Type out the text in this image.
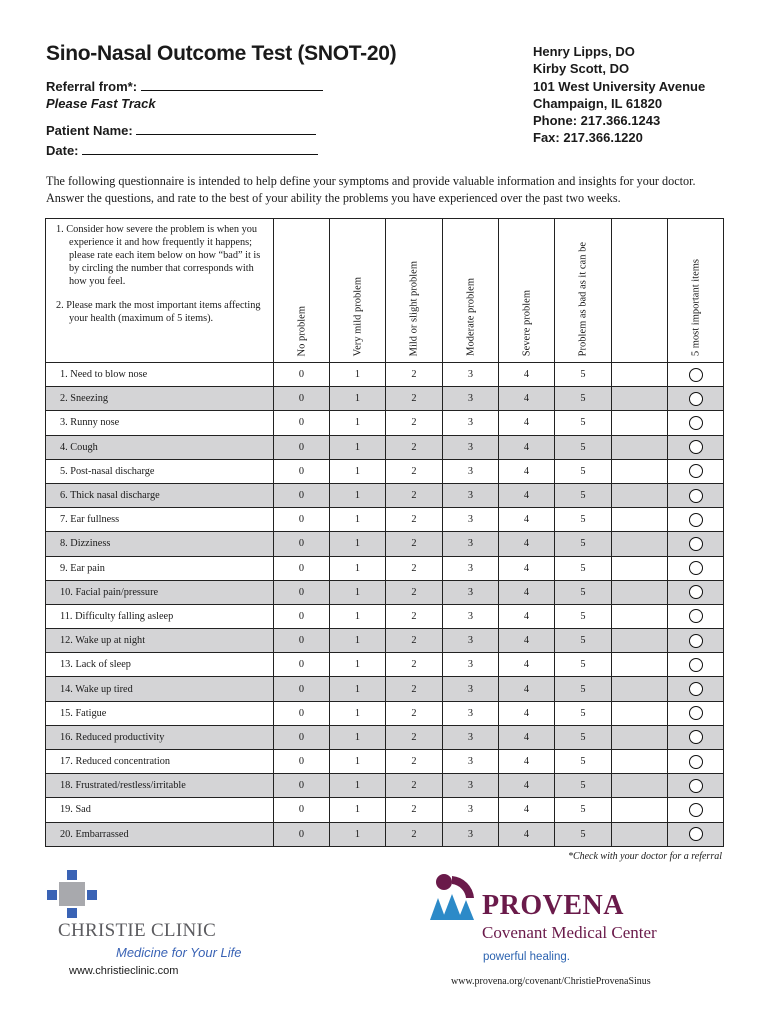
Sino-Nasal Outcome Test (SNOT-20)
Referral from*:
Please Fast Track
Patient Name:
Date:
Henry Lipps, DO
Kirby Scott, DO
101 West University Avenue
Champaign, IL 61820
Phone: 217.366.1243
Fax: 217.366.1220
The following questionnaire is intended to help define your symptoms and provide valuable information and insights for your doctor. Answer the questions, and rate to the best of your ability the problems you have experienced over the past two weeks.

1. Consider how severe the problem is when you experience it and how frequently it happens; please rate each item below on how “bad” it is by circling the number that corresponds with how you feel.

2. Please mark the most important items affecting your health (maximum of 5 items).	No problem	Very mild problem	Mild or slight problem	Moderate problem	Severe problem	Problem as bad as it can be		5 most important items

1. Need to blow nose	0	1	2	3	4	5		
2. Sneezing	0	1	2	3	4	5		
3. Runny nose	0	1	2	3	4	5		
4. Cough	0	1	2	3	4	5		
5. Post-nasal discharge	0	1	2	3	4	5		
6. Thick nasal discharge	0	1	2	3	4	5		
7. Ear fullness	0	1	2	3	4	5		
8. Dizziness	0	1	2	3	4	5		
9. Ear pain	0	1	2	3	4	5		
10. Facial pain/pressure	0	1	2	3	4	5		
11. Difficulty falling asleep	0	1	2	3	4	5		
12. Wake up at night	0	1	2	3	4	5		
13. Lack of sleep	0	1	2	3	4	5		
14. Wake up tired	0	1	2	3	4	5		
15. Fatigue	0	1	2	3	4	5		
16. Reduced productivity	0	1	2	3	4	5		
17. Reduced concentration	0	1	2	3	4	5		
18. Frustrated/restless/irritable	0	1	2	3	4	5		
19. Sad	0	1	2	3	4	5		
20. Embarrassed	0	1	2	3	4	5		
*Check with your doctor for a referral
CHRISTIE CLINIC
Medicine for Your Life
www.christieclinic.com
PROVENA
Covenant Medical Center
powerful healing.
www.provena.org/covenant/ChristieProvenaSinus
